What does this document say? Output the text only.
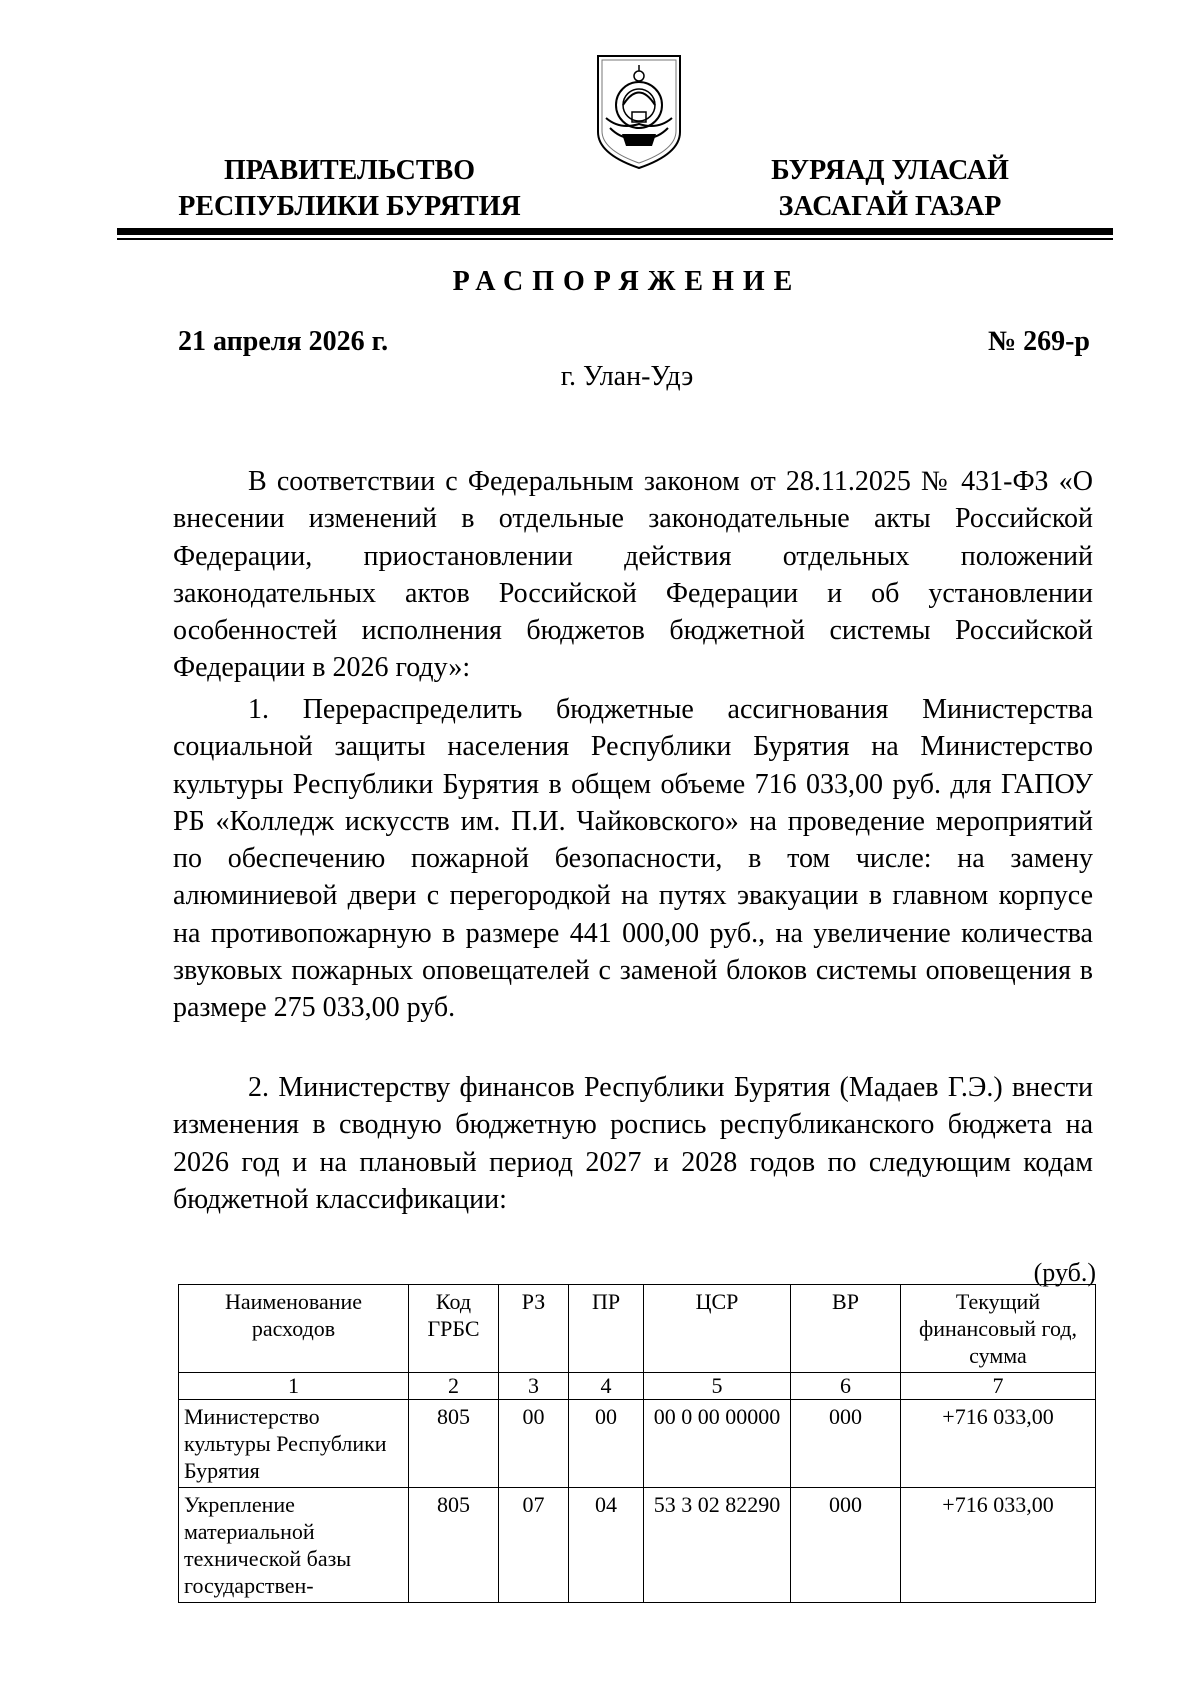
ПРАВИТЕЛЬСТВО
РЕСПУБЛИКИ БУРЯТИЯ
БУРЯАД УЛАСАЙ
ЗАСАГАЙ ГАЗАР
РАСПОРЯЖЕНИЕ
21 апреля 2026 г.	№ 269-р
г. Улан-Удэ
В соответствии с Федеральным законом от 28.11.2025 № 431-ФЗ «О внесении изменений в отдельные законодательные акты Российской Федерации, приостановлении действия отдельных положений законодательных актов Российской Федерации и об установлении особенностей исполнения бюджетов бюджетной системы Российской Федерации в 2026 году»:
1. Перераспределить бюджетные ассигнования Министерства социальной защиты населения Республики Бурятия на Министерство культуры Республики Бурятия в общем объеме 716 033,00 руб. для ГАПОУ РБ «Колледж искусств им. П.И. Чайковского» на проведение мероприятий по обеспечению пожарной безопасности, в том числе: на замену алюминиевой двери с перегородкой на путях эвакуации в главном корпусе на противопожарную в размере 441 000,00 руб., на увеличение количества звуковых пожарных оповещателей с заменой блоков системы оповещения в размере 275 033,00 руб.
2. Министерству финансов Республики Бурятия (Мадаев Г.Э.) внести изменения в сводную бюджетную роспись республиканского бюджета на 2026 год и на плановый период 2027 и 2028 годов по следующим кодам бюджетной классификации:
(руб.)
Наименование расходов	Код ГРБС	РЗ	ПР	ЦСР	ВР	Текущий финансовый год, сумма
1	2	3	4	5	6	7
Министерство культуры Республики Бурятия	805	00	00	00 0 00 00000	000	+716 033,00
Укрепление материальной технической базы государствен-	805	07	04	53 3 02 82290	000	+716 033,00
